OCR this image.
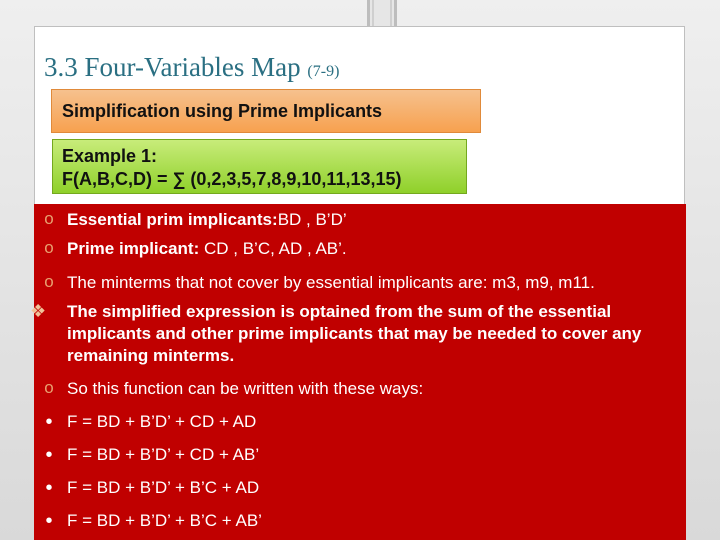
3.3 Four-Variables Map (7-9)
Simplification using Prime Implicants
Example 1:
F(A,B,C,D) = ∑ (0,2,3,5,7,8,9,10,11,13,15)
o Essential prim implicants:BD , B’D’
o Prime implicant: CD , B’C, AD , AB’.
o The minterms that not cover by essential implicants are: m3, m9, m11.
❖ The simplified expression is optained from the sum of the essential implicants and other prime implicants that may be needed to cover any remaining minterms.
o So this function can be written with these ways:
• F = BD + B’D’ + CD + AD
• F = BD + B’D’ + CD + AB’
• F = BD + B’D’ + B’C + AD
• F = BD + B’D’ + B’C + AB’
